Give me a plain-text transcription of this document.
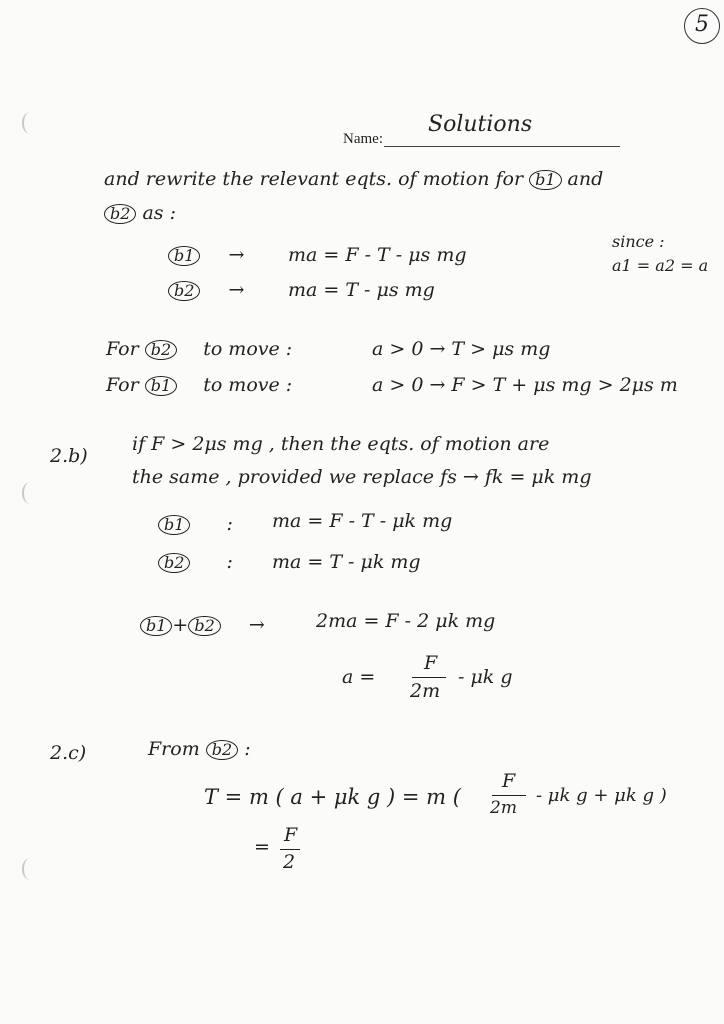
5
Name:
Solutions
and rewrite the relevant eqts. of motion for b1 and
b2 as :
b1 → ma = F - T - μs mg
b2 → ma = T - μs mg
since :
a1 = a2 = a
For b2 to move :	a > 0 → T > μs mg
For b1 to move :	a > 0 → F > T + μs mg > 2μs m
2.b)
if F > 2μs mg , then the eqts. of motion are
the same , provided we replace fs → fk = μk mg
b1 : ma = F - T - μk mg
b2 : ma = T - μk mg
b1 + b2 →	2ma = F - 2 μk mg
a =
F
2m
- μk g
2.c)	From b2 :
T = m ( a + μk g ) = m (
F
2m
- μk g + μk g )
=
F
2
